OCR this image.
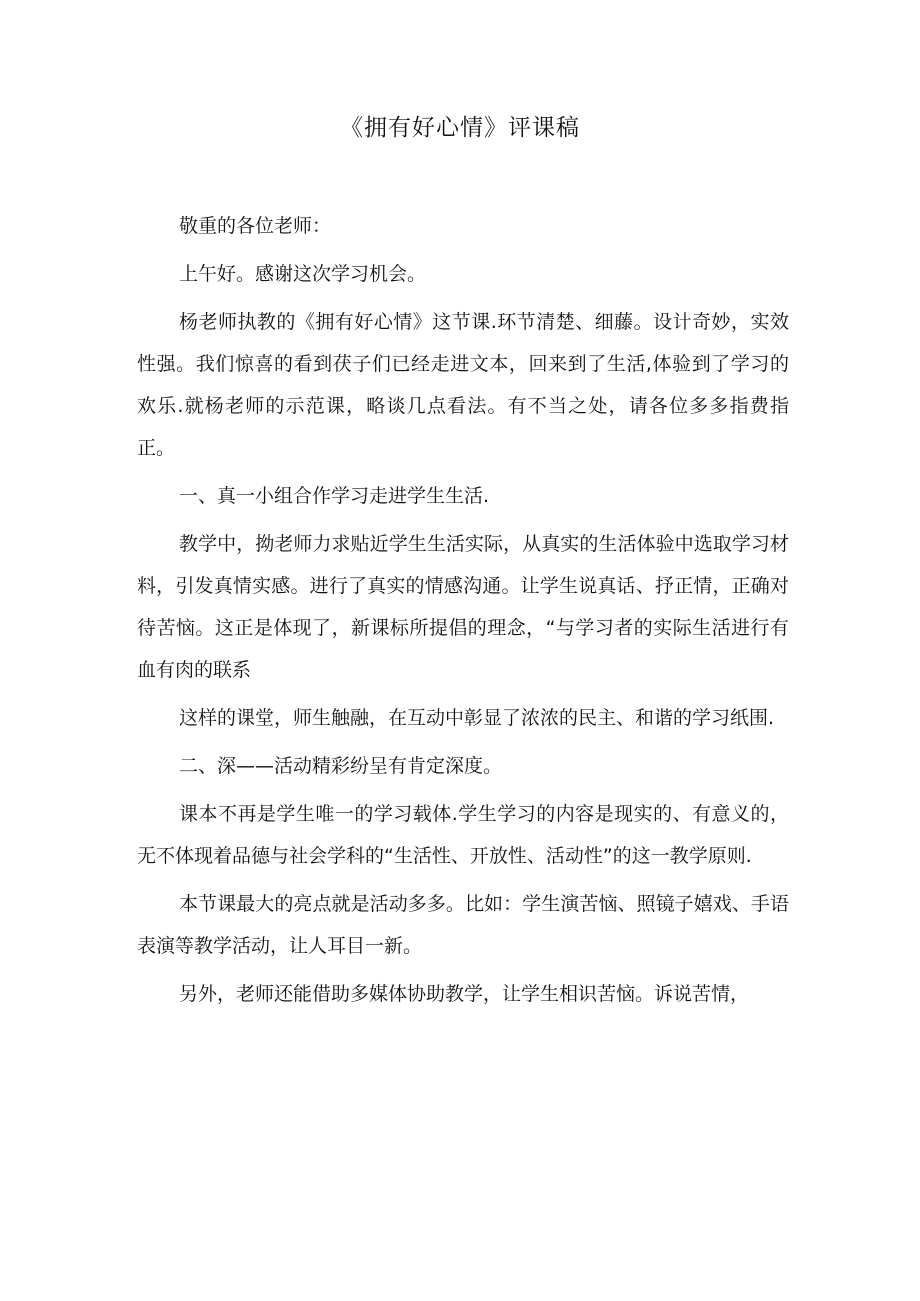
《拥有好心情》评课稿

敬重的各位老师：

上午好。感谢这次学习机会。

杨老师执教的《拥有好心情》这节课.环节清楚、细藤。设计奇妙，实效性强。我们惊喜的看到茯子们已经走进文本，回来到了生活,体验到了学习的欢乐.就杨老师的示范课，略谈几点看法。有不当之处，请各位多多指费指正。

一、真一小组合作学习走进学生生活.

教学中，拗老师力求贴近学生生活实际，从真实的生活体验中选取学习材料，引发真情实感。进行了真实的情感沟通。让学生说真话、抒正情，正确对待苦恼。这正是体现了，新课标所提倡的理念，“与学习者的实际生活进行有血有肉的联系

这样的课堂，师生触融，在互动中彰显了浓浓的民主、和谐的学习纸围.

二、深——活动精彩纷呈有肯定深度。

课本不再是学生唯一的学习载体.学生学习的内容是现实的、有意义的，无不体现着品德与社会学科的“生活性、开放性、活动性”的这一教学原则.

本节课最大的亮点就是活动多多。比如：学生演苦恼、照镜子嬉戏、手语表演等教学活动，让人耳目一新。

另外，老师还能借助多媒体协助教学，让学生相识苦恼。诉说苦情，
